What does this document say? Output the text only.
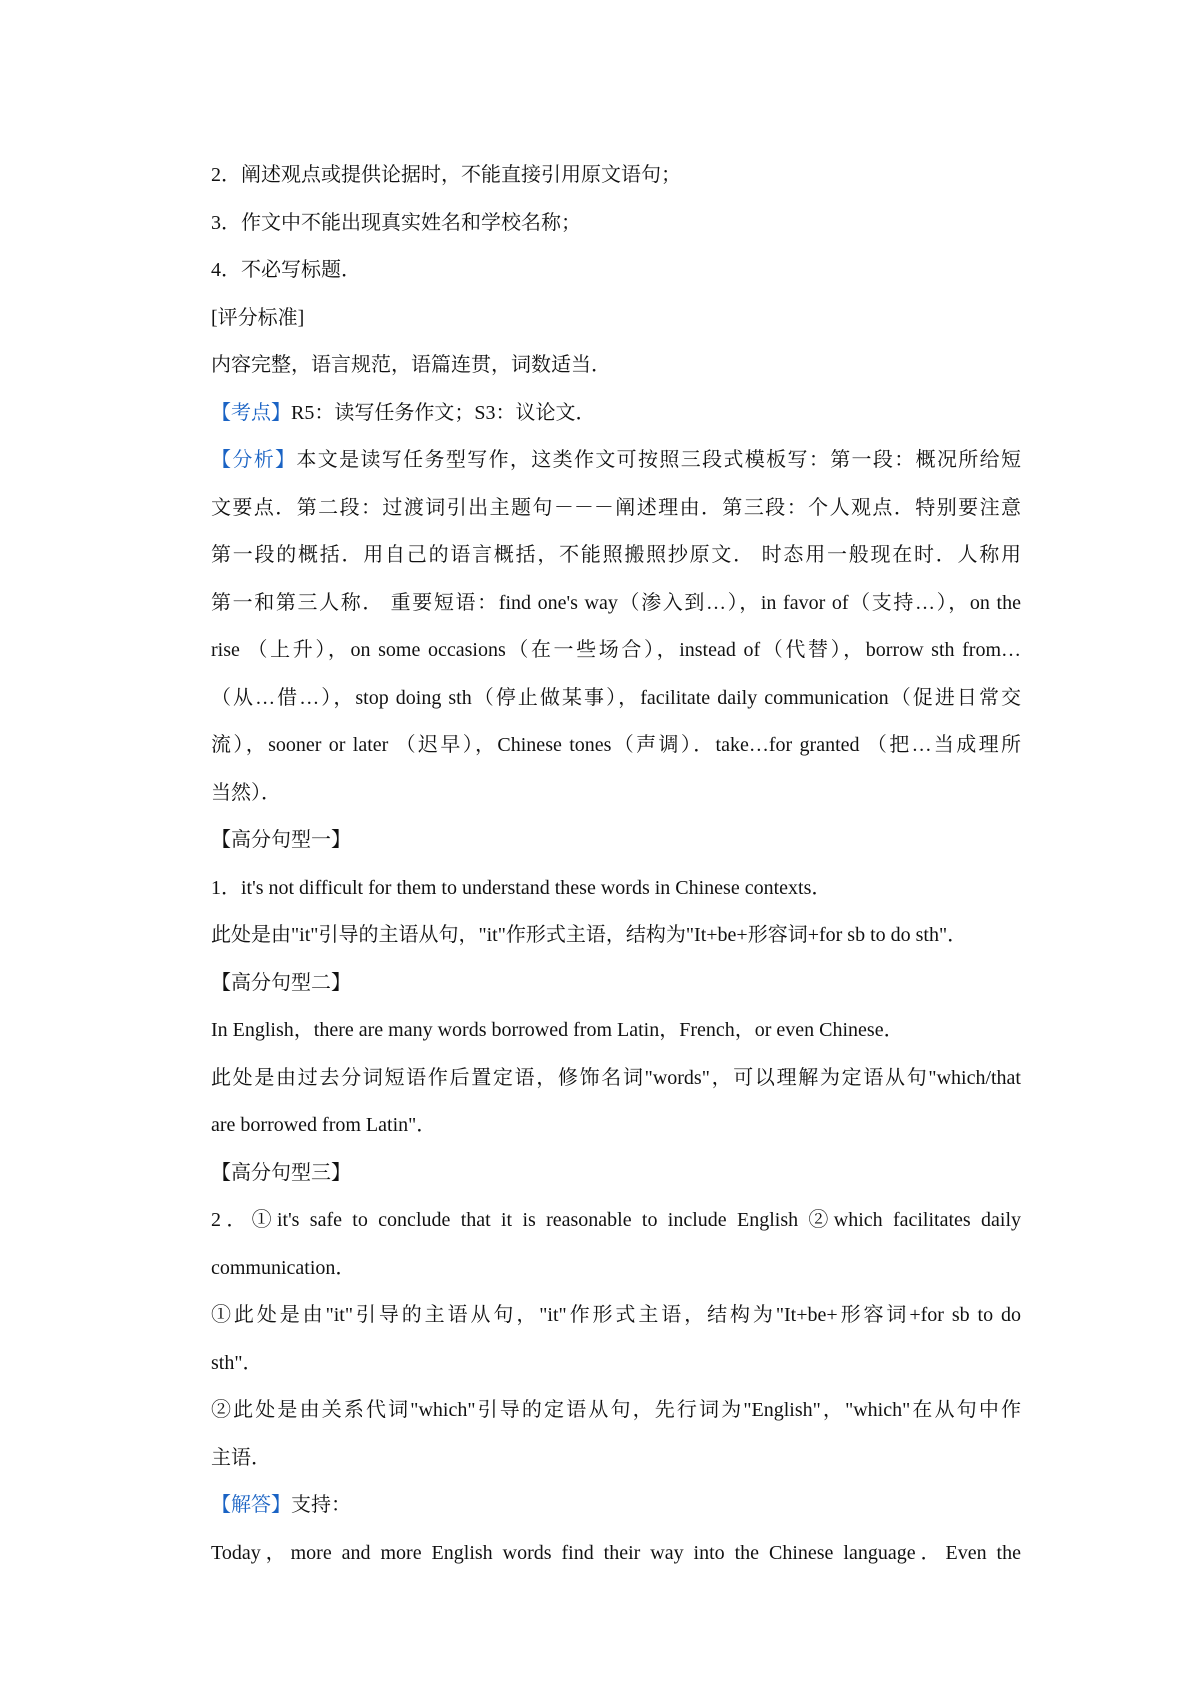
2．阐述观点或提供论据时，不能直接引用原文语句；
3．作文中不能出现真实姓名和学校名称；
4．不必写标题．
[评分标准]
内容完整，语言规范，语篇连贯，词数适当．
【考点】R5：读写任务作文；S3：议论文．
【分析】本文是读写任务型写作，这类作文可按照三段式模板写：第一段：概况所给短
文要点．第二段：过渡词引出主题句－－－阐述理由．第三段：个人观点．特别要注意
第一段的概括．用自己的语言概括，不能照搬照抄原文． 时态用一般现在时．人称用
第一和第三人称． 重要短语：find one's way（渗入到…），in favor of（支持…），on the
rise （上升），on some occasions（在一些场合），instead of（代替），borrow sth from…
（从…借…），stop doing sth（停止做某事），facilitate daily communication（促进日常交
流），sooner or later （迟早），Chinese tones（声调）．take…for granted （把…当成理所
当然）．
【高分句型一】
1．it's not difficult for them to understand these words in Chinese contexts．
此处是由"it"引导的主语从句，"it"作形式主语，结构为"It+be+形容词+for sb to do sth"．
【高分句型二】
In English，there are many words borrowed from Latin，French，or even Chinese．
此处是由过去分词短语作后置定语，修饰名词"words"，可以理解为定语从句"which/that
are borrowed from Latin"．
【高分句型三】
2．①it's safe to conclude that it is reasonable to include English ②which facilitates daily
communication．
①此处是由"it"引导的主语从句，"it"作形式主语，结构为"It+be+形容词+for sb to do
sth"．
②此处是由关系代词"which"引导的定语从句，先行词为"English"，"which"在从句中作
主语．
【解答】支持：
Today，more and more English words find their way into the Chinese language．Even the
